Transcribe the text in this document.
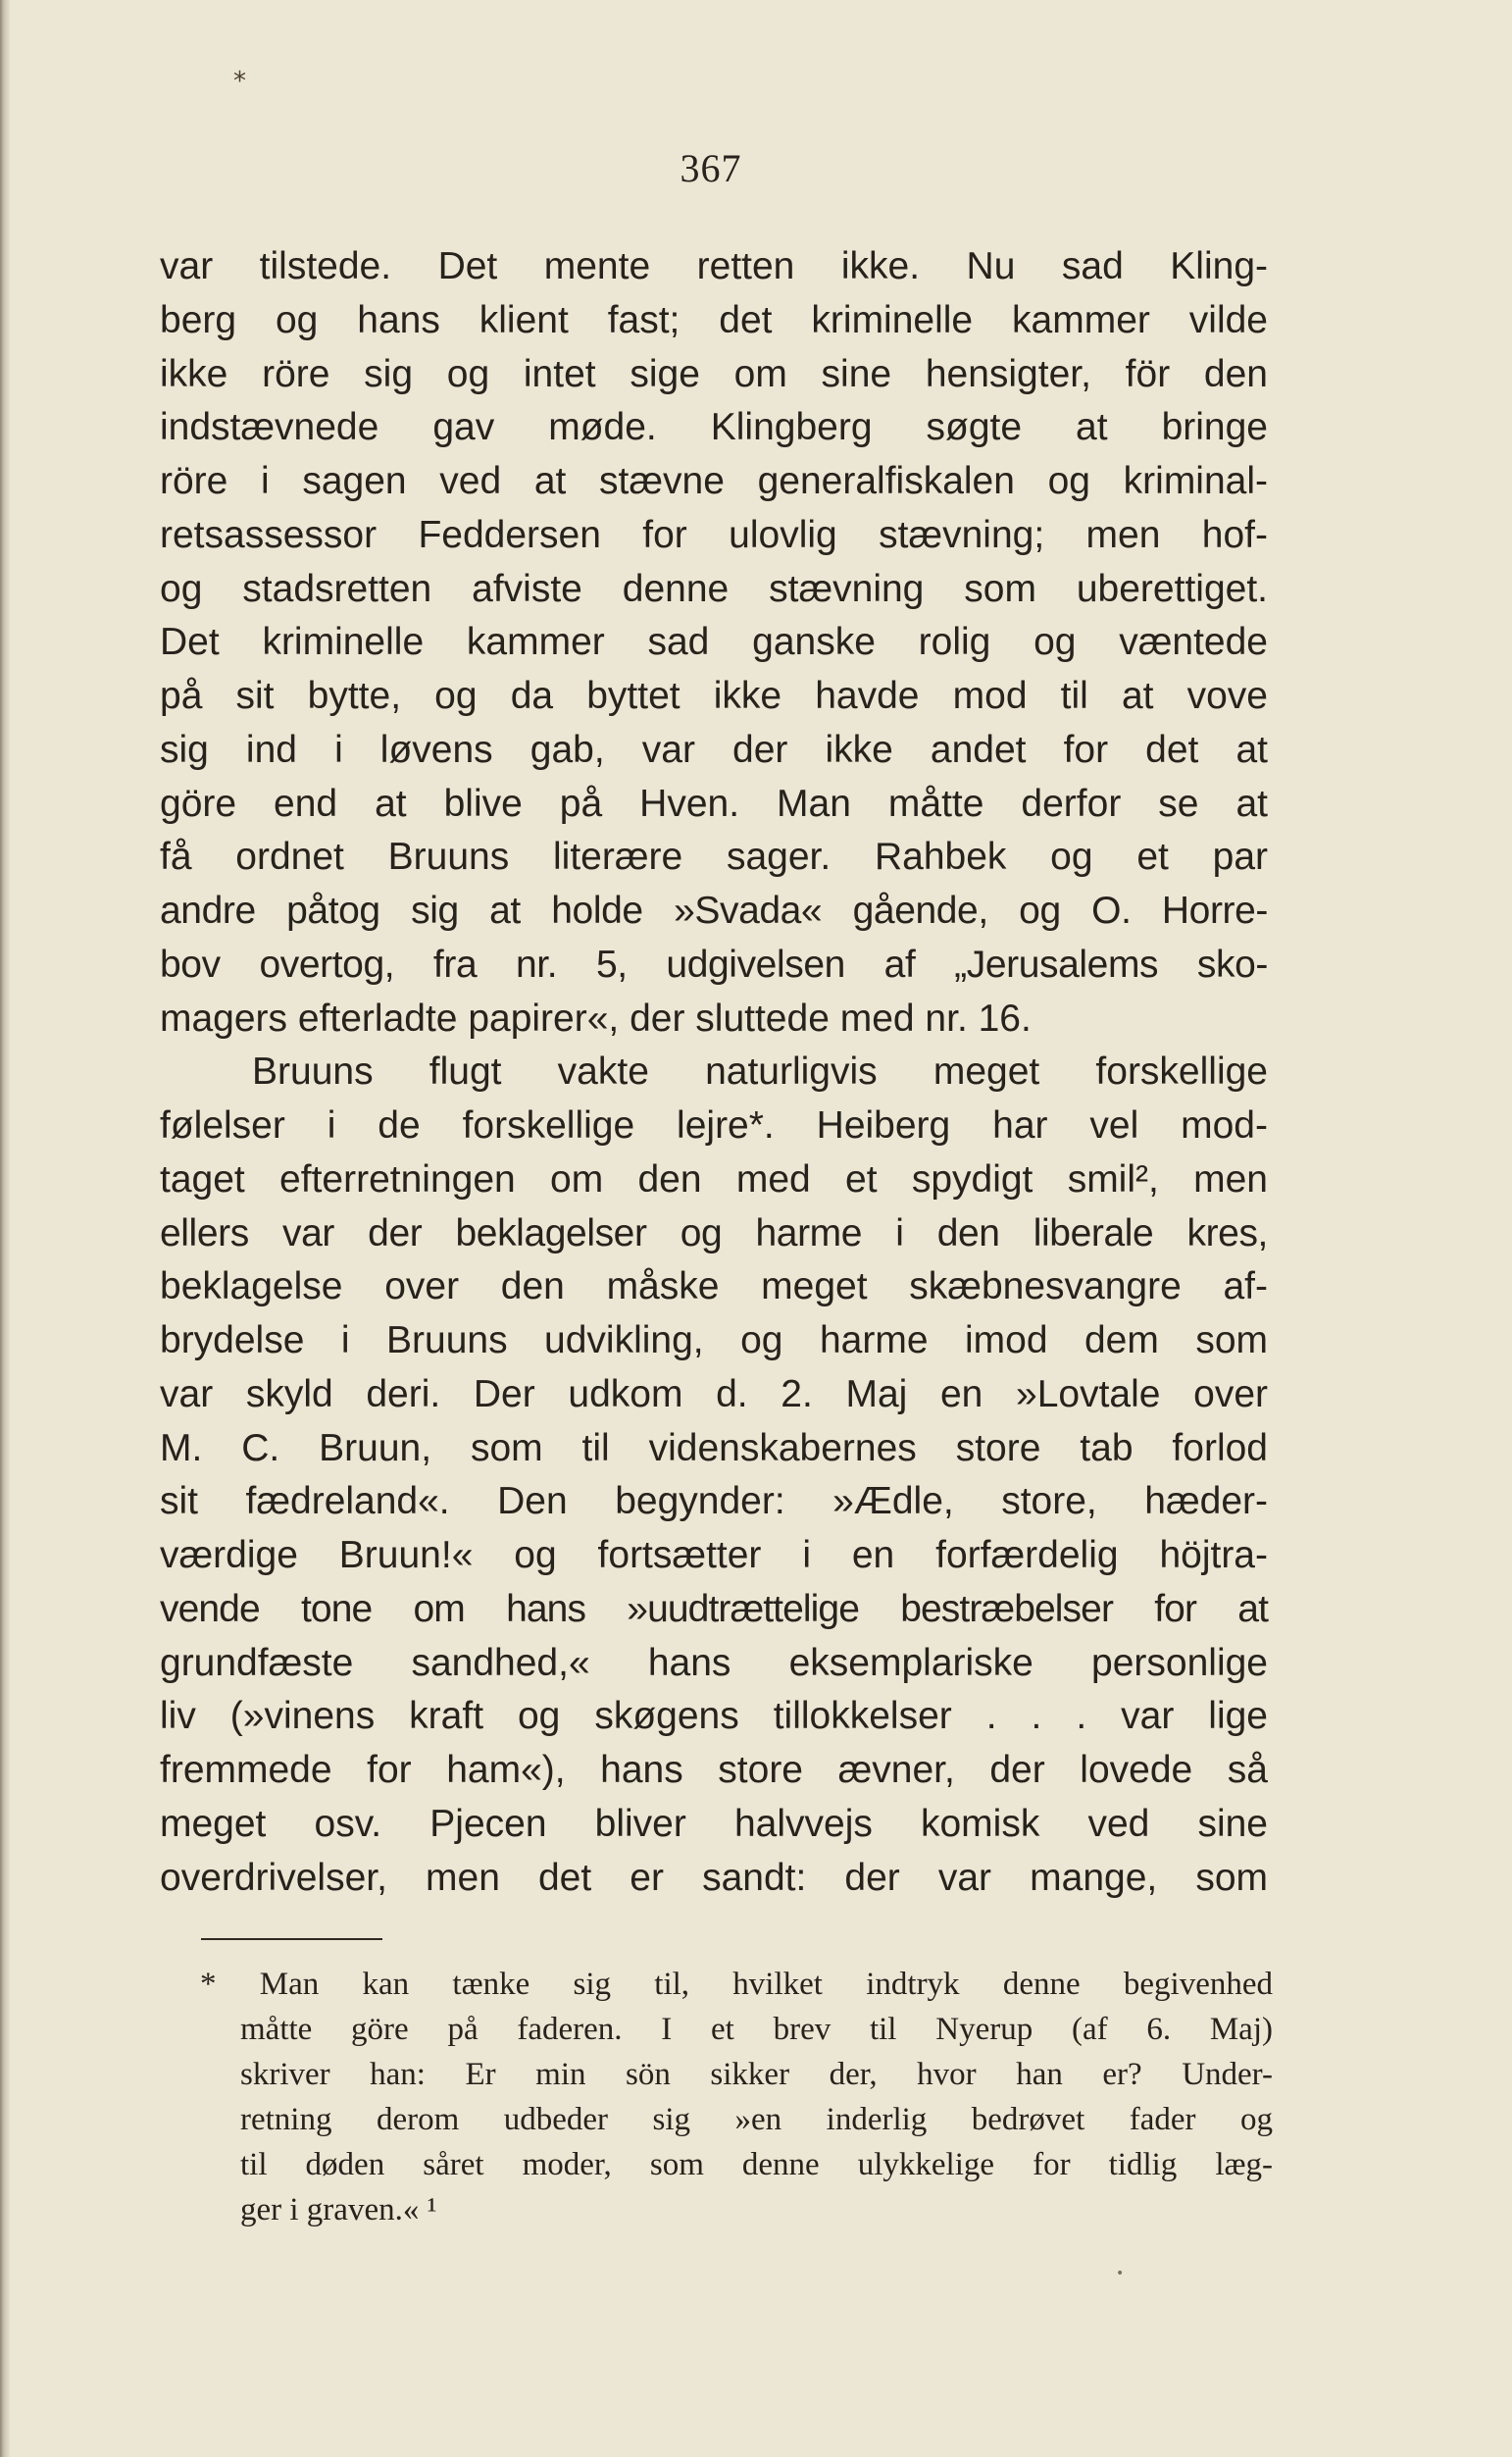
*
•
367
var tilstede. Det mente retten ikke. Nu sad Kling-
berg og hans klient fast; det kriminelle kammer vilde
ikke röre sig og intet sige om sine hensigter, för den
indstævnede gav møde. Klingberg søgte at bringe
röre i sagen ved at stævne generalfiskalen og kriminal-
retsassessor Feddersen for ulovlig stævning; men hof-
og stadsretten afviste denne stævning som uberettiget.
Det kriminelle kammer sad ganske rolig og væntede
på sit bytte, og da byttet ikke havde mod til at vove
sig ind i løvens gab, var der ikke andet for det at
göre end at blive på Hven. Man måtte derfor se at
få ordnet Bruuns literære sager. Rahbek og et par
andre påtog sig at holde »Svada« gående, og O. Horre-
bov overtog, fra nr. 5, udgivelsen af „Jerusalems sko-
magers efterladte papirer«, der sluttede med nr. 16.
Bruuns flugt vakte naturligvis meget forskellige
følelser i de forskellige lejre*. Heiberg har vel mod-
taget efterretningen om den med et spydigt smil², men
ellers var der beklagelser og harme i den liberale kres,
beklagelse over den måske meget skæbnesvangre af-
brydelse i Bruuns udvikling, og harme imod dem som
var skyld deri. Der udkom d. 2. Maj en »Lovtale over
M. C. Bruun, som til videnskabernes store tab forlod
sit fædreland«. Den begynder: »Ædle, store, hæder-
værdige Bruun!« og fortsætter i en forfærdelig höjtra-
vende tone om hans »uudtrættelige bestræbelser for at
grundfæste sandhed,« hans eksemplariske personlige
liv (»vinens kraft og skøgens tillokkelser . . . var lige
fremmede for ham«), hans store ævner, der lovede så
meget osv. Pjecen bliver halvvejs komisk ved sine
overdrivelser, men det er sandt: der var mange, som
* Man kan tænke sig til, hvilket indtryk denne begivenhed
måtte göre på faderen. I et brev til Nyerup (af 6. Maj)
skriver han: Er min sön sikker der, hvor han er? Under-
retning derom udbeder sig »en inderlig bedrøvet fader og
til døden såret moder, som denne ulykkelige for tidlig læg-
ger i graven.« ¹
